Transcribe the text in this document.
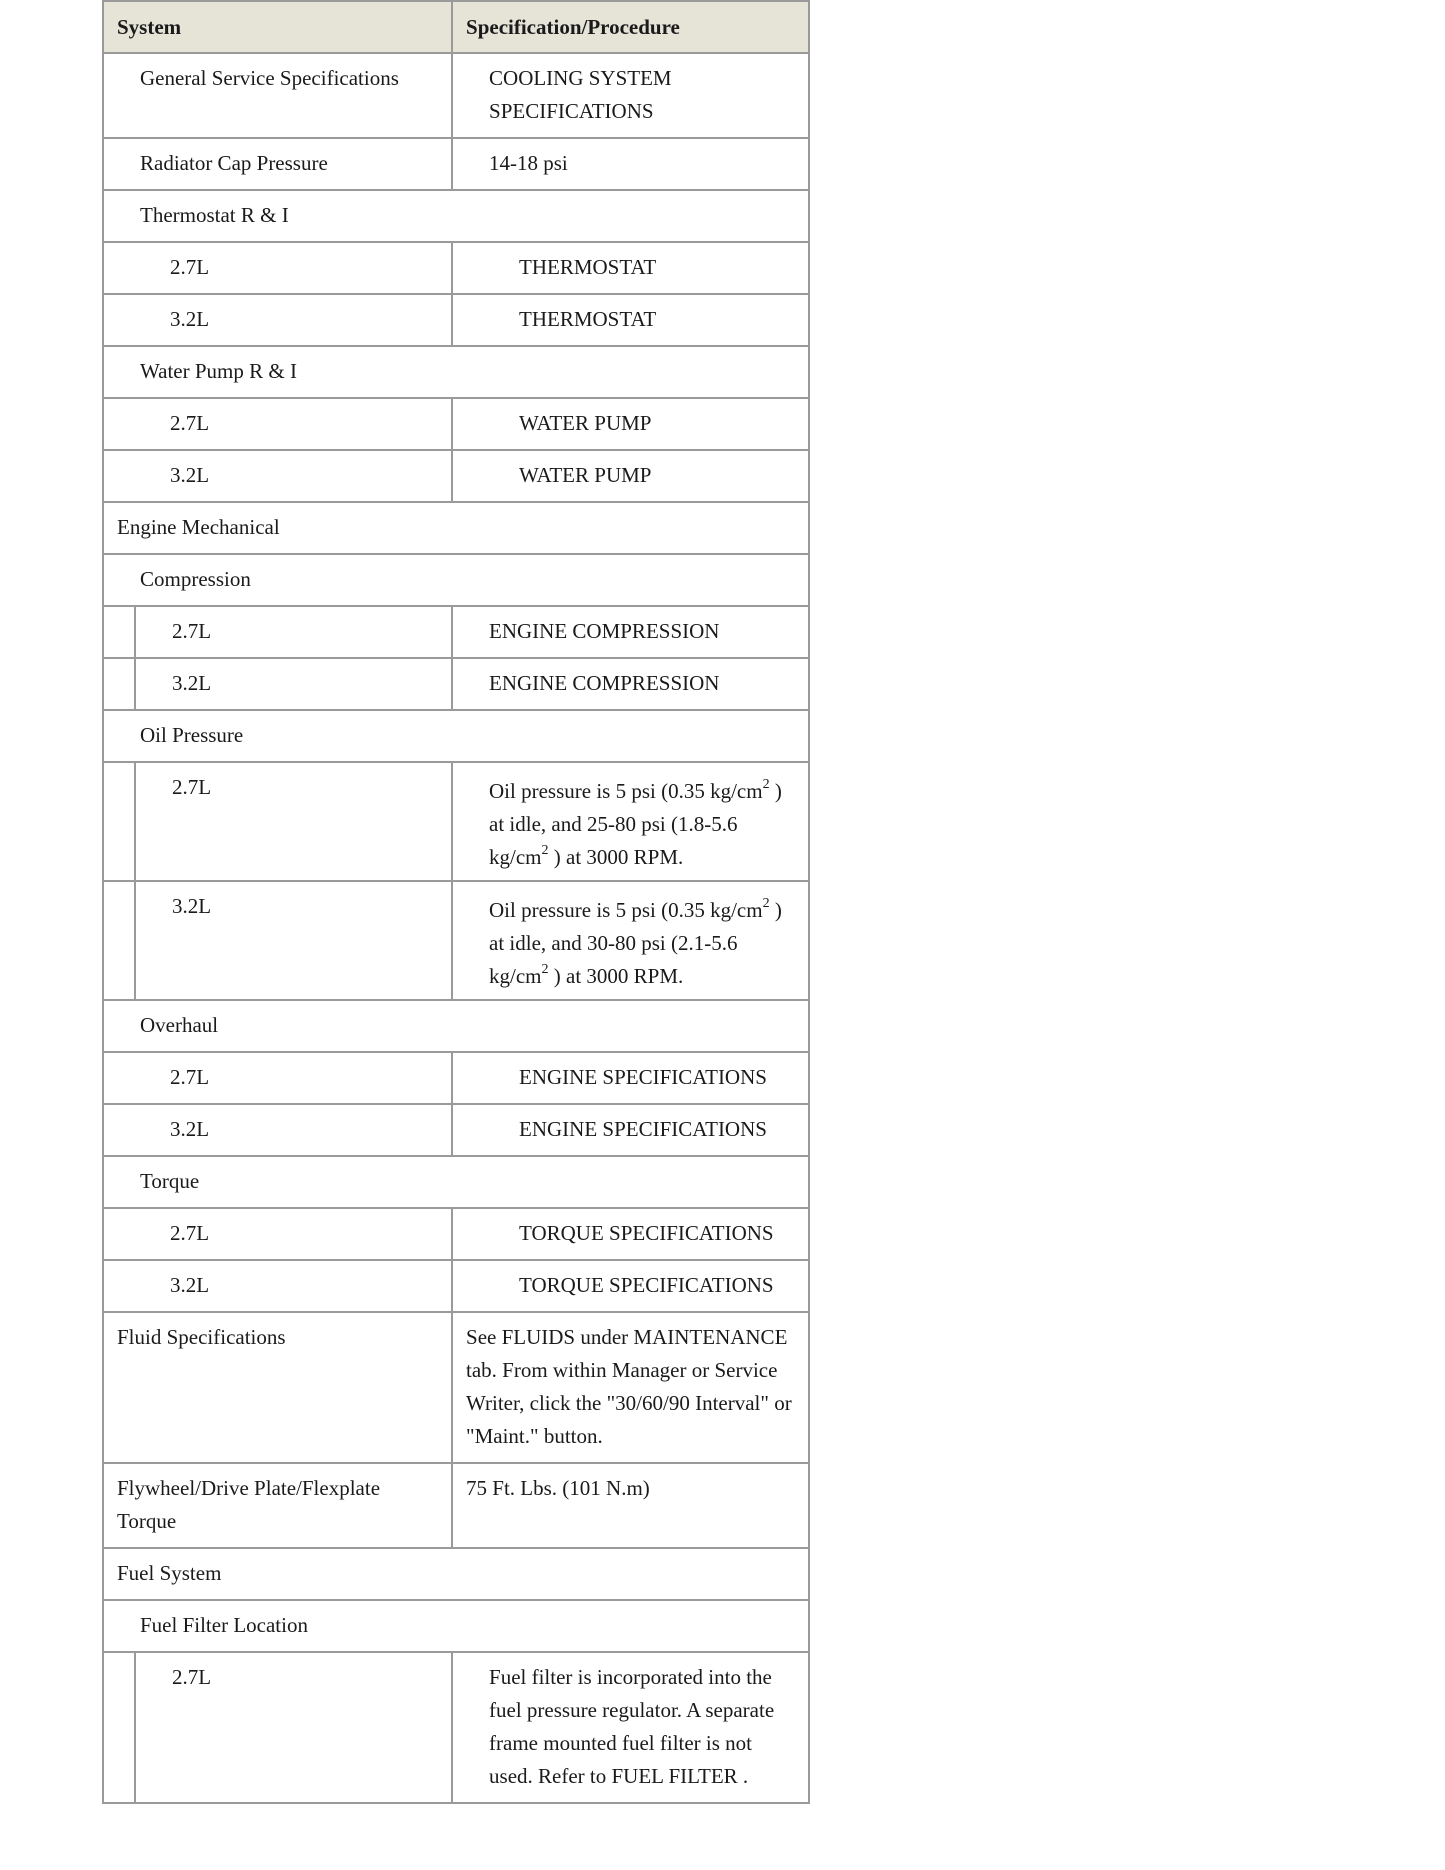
System		Specification/Procedure

General Service Specifications		COOLING SYSTEM SPECIFICATIONS

Radiator Cap Pressure		14-18 psi

Thermostat R & I		

2.7L		THERMOSTAT

3.2L		THERMOSTAT

Water Pump R & I		

2.7L		WATER PUMP

3.2L		WATER PUMP

Engine Mechanical		

Compression		

	2.7L	ENGINE COMPRESSION

	3.2L	ENGINE COMPRESSION

Oil Pressure		

	2.7L	Oil pressure is 5 psi (0.35 $kg/cm^2$ ) at idle, and 25-80 psi (1.8-5.6 $kg/cm^2$ ) at 3000 RPM.

	3.2L	Oil pressure is 5 psi (0.35 $kg/cm^2$ ) at idle, and 30-80 psi (2.1-5.6 $kg/cm^2$ ) at 3000 RPM.

Overhaul		

2.7L		ENGINE SPECIFICATIONS

3.2L		ENGINE SPECIFICATIONS

Torque		

2.7L		TORQUE SPECIFICATIONS

3.2L		TORQUE SPECIFICATIONS

Fluid Specifications		See FLUIDS under MAINTENANCE tab. From within Manager or Service Writer, click the "30/60/90 Interval" or "Maint." button.

Flywheel/Drive Plate/Flexplate Torque		75 Ft. Lbs. (101 N.m)

Fuel System		

Fuel Filter Location		

	2.7L	Fuel filter is incorporated into the fuel pressure regulator. A separate frame mounted fuel filter is not used. Refer to FUEL FILTER .
